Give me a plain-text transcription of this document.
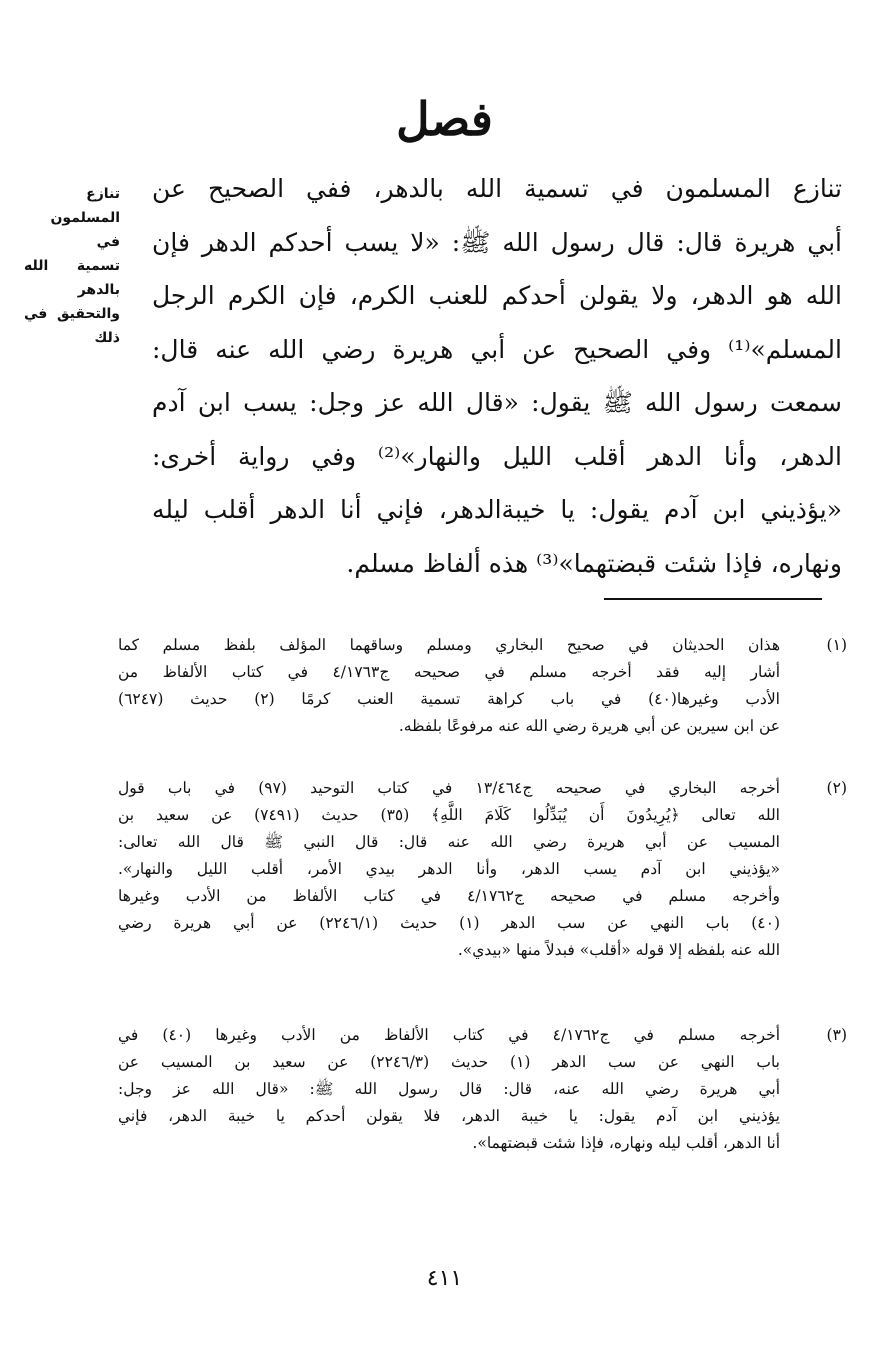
فصل
تنازع
المسلمون في
تسمية الله
بالدهر
والتحقيق في
ذلك
تنازع المسلمون في تسمية الله بالدهر، ففي الصحيح عن
أبي هريرة قال: قال رسول الله ﷺ: «لا يسب أحدكم الدهر فإن
الله هو الدهر، ولا يقولن أحدكم للعنب الكرم، فإن الكرم الرجل
المسلم»⁽¹⁾ وفي الصحيح عن أبي هريرة رضي الله عنه قال:
سمعت رسول الله ﷺ يقول: «قال الله عز وجل: يسب ابن آدم
الدهر، وأنا الدهر أقلب الليل والنهار»⁽²⁾ وفي رواية أخرى:
«يؤذيني ابن آدم يقول: يا خيبةالدهر، فإني أنا الدهر أقلب ليله
ونهاره، فإذا شئت قبضتهما»⁽³⁾ هذه ألفاظ مسلم.
(١)
هذان الحديثان في صحيح البخاري ومسلم وساقهما المؤلف بلفظ مسلم كما
أشار إليه فقد أخرجه مسلم في صحيحه ج٤/١٧٦٣ في كتاب الألفاظ من
الأدب وغيرها(٤٠) في باب كراهة تسمية العنب كرمًا (٢) حديث (٦٢٤٧)
عن ابن سيرين عن أبي هريرة رضي الله عنه مرفوعًا بلفظه.
(٢)
أخرجه البخاري في صحيحه ج١٣/٤٦٤ في كتاب التوحيد (٩٧) في باب قول
الله تعالى ﴿يُرِيدُونَ أَن يُبَدِّلُوا كَلَامَ اللَّهِ﴾ (٣٥) حديث (٧٤٩١) عن سعيد بن
المسيب عن أبي هريرة رضي الله عنه قال: قال النبي ﷺ قال الله تعالى:
«يؤذيني ابن آدم يسب الدهر، وأنا الدهر بيدي الأمر، أقلب الليل والنهار».
وأخرجه مسلم في صحيحه ج٤/١٧٦٢ في كتاب الألفاظ من الأدب وغيرها
(٤٠) باب النهي عن سب الدهر (١) حديث (٢٢٤٦/١) عن أبي هريرة رضي
الله عنه بلفظه إلا قوله «أقلب» فبدلاً منها «بيدي».
(٣)
أخرجه مسلم في ج٤/١٧٦٢ في كتاب الألفاظ من الأدب وغيرها (٤٠) في
باب النهي عن سب الدهر (١) حديث (٢٢٤٦/٣) عن سعيد بن المسيب عن
أبي هريرة رضي الله عنه، قال: قال رسول الله ﷺ: «قال الله عز وجل:
يؤذيني ابن آدم يقول: يا خيبة الدهر، فلا يقولن أحدكم يا خيبة الدهر، فإني
أنا الدهر، أقلب ليله ونهاره، فإذا شئت قبضتهما».
٤١١
